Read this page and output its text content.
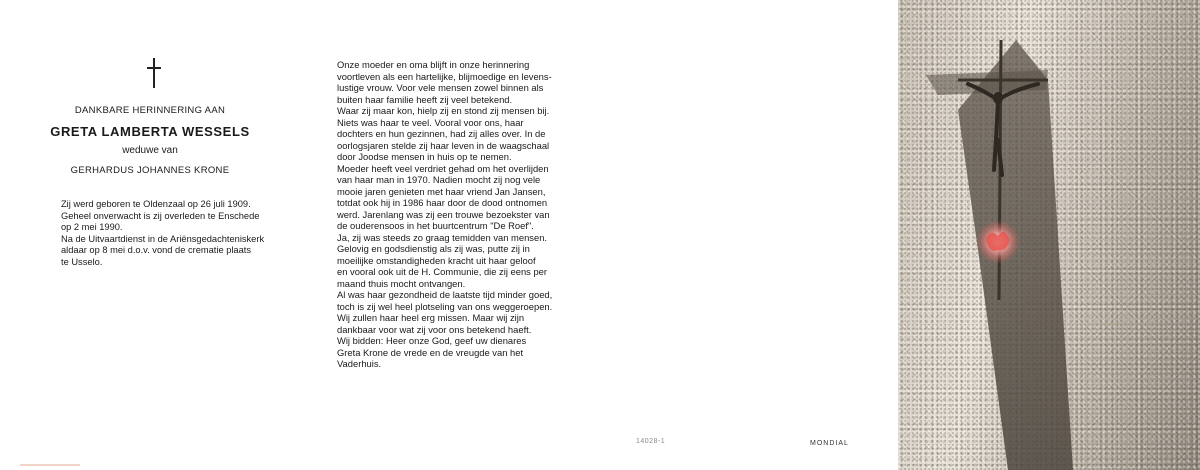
DANKBARE HERINNERING AAN
GRETA LAMBERTA WESSELS
weduwe van
GERHARDUS JOHANNES KRONE
Zij werd geboren te Oldenzaal op 26 juli 1909.
Geheel onverwacht is zij overleden te Enschede
op 2 mei 1990.
Na de Uitvaartdienst in de Ariënsgedachteniskerk
aldaar op 8 mei d.o.v. vond de crematie plaats
te Usselo.
Onze moeder en oma blijft in onze herinnering
voortleven als een hartelijke, blijmoedige en levens-
lustige vrouw. Voor vele mensen zowel binnen als
buiten haar familie heeft zij veel betekend.
Waar zij maar kon, hielp zij en stond zij mensen bij.
Niets was haar te veel. Vooral voor ons, haar
dochters en hun gezinnen, had zij alles over. In de
oorlogsjaren stelde zij haar leven in de waagschaal
door Joodse mensen in huis op te nemen.
Moeder heeft veel verdriet gehad om het overlijden
van haar man in 1970. Nadien mocht zij nog vele
mooie jaren genieten met haar vriend Jan Jansen,
totdat ook hij in 1986 haar door de dood ontnomen
werd. Jarenlang was zij een trouwe bezoekster van
de ouderensoos in het buurtcentrum "De Roef".
Ja, zij was steeds zo graag temidden van mensen.
Gelovig en godsdienstig als zij was, putte zij in
moeilijke omstandigheden kracht uit haar geloof
en vooral ook uit de H. Communie, die zij eens per
maand thuis mocht ontvangen.
Al was haar gezondheid de laatste tijd minder goed,
toch is zij wel heel plotseling van ons weggeroepen.
Wij zullen haar heel erg missen. Maar wij zijn
dankbaar voor wat zij voor ons betekend haeft.
Wij bidden: Heer onze God, geef uw dienares
Greta Krone de vrede en de vreugde van het
Vaderhuis.
14028-1	MONDIAL
